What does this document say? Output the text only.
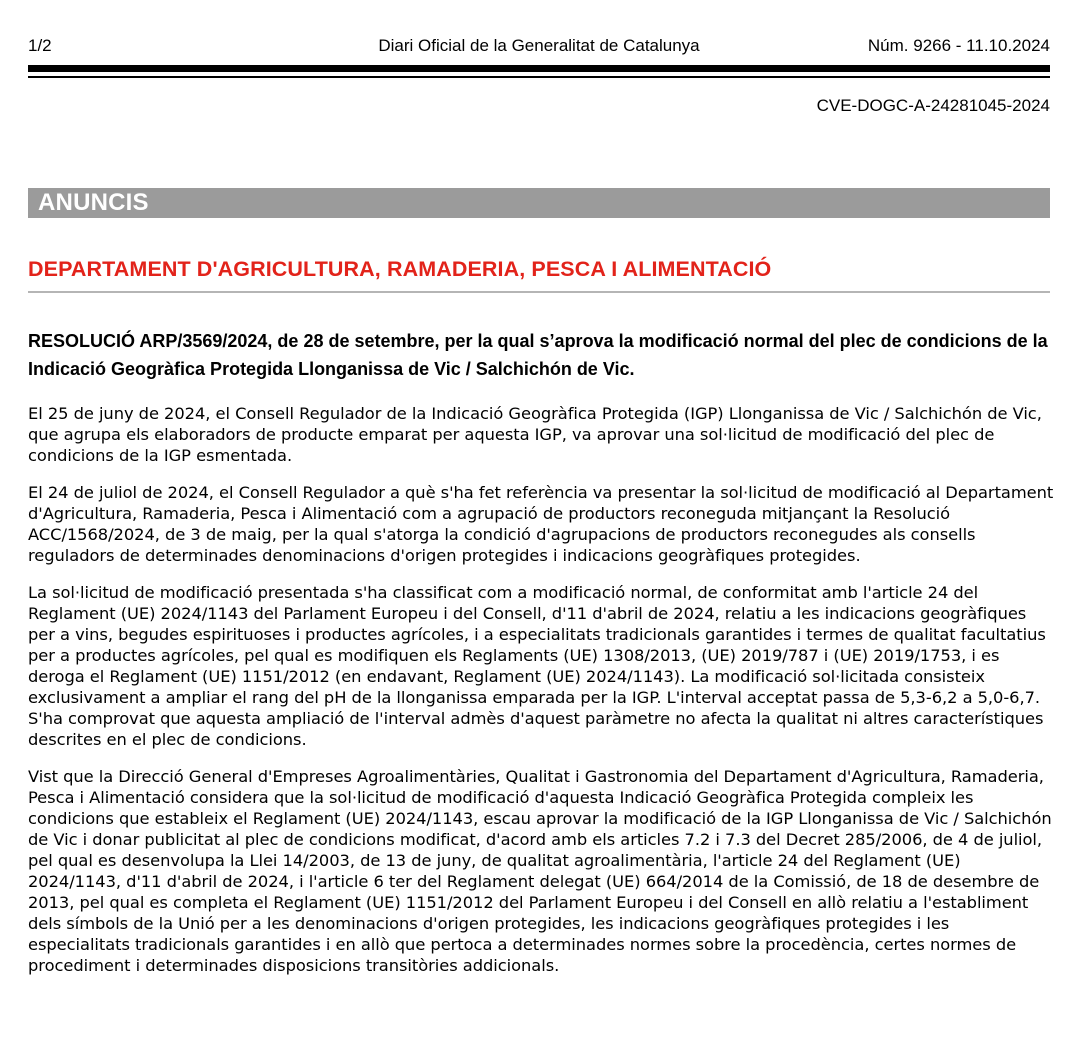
1/2	Diari Oficial de la Generalitat de Catalunya	Núm. 9266 - 11.10.2024
CVE-DOGC-A-24281045-2024
ANUNCIS
DEPARTAMENT D'AGRICULTURA, RAMADERIA, PESCA I ALIMENTACIÓ
RESOLUCIÓ ARP/3569/2024, de 28 de setembre, per la qual s’aprova la modificació normal del plec de condicions de la Indicació Geogràfica Protegida Llonganissa de Vic / Salchichón de Vic.

El 25 de juny de 2024, el Consell Regulador de la Indicació Geogràfica Protegida (IGP) Llonganissa de Vic / Salchichón de Vic, que agrupa els elaboradors de producte emparat per aquesta IGP, va aprovar una sol·licitud de modificació del plec de condicions de la IGP esmentada.

El 24 de juliol de 2024, el Consell Regulador a què s'ha fet referència va presentar la sol·licitud de modificació al Departament d'Agricultura, Ramaderia, Pesca i Alimentació com a agrupació de productors reconeguda mitjançant la Resolució ACC/1568/2024, de 3 de maig, per la qual s'atorga la condició d'agrupacions de productors reconegudes als consells reguladors de determinades denominacions d'origen protegides i indicacions geogràfiques protegides.

La sol·licitud de modificació presentada s'ha classificat com a modificació normal, de conformitat amb l'article 24 del Reglament (UE) 2024/1143 del Parlament Europeu i del Consell, d'11 d'abril de 2024, relatiu a les indicacions geogràfiques per a vins, begudes espirituoses i productes agrícoles, i a especialitats tradicionals garantides i termes de qualitat facultatius per a productes agrícoles, pel qual es modifiquen els Reglaments (UE) 1308/2013, (UE) 2019/787 i (UE) 2019/1753, i es deroga el Reglament (UE) 1151/2012 (en endavant, Reglament (UE) 2024/1143). La modificació sol·licitada consisteix exclusivament a ampliar el rang del pH de la llonganissa emparada per la IGP. L'interval acceptat passa de 5,3-6,2 a 5,0-6,7. S'ha comprovat que aquesta ampliació de l'interval admès d'aquest paràmetre no afecta la qualitat ni altres característiques descrites en el plec de condicions.

Vist que la Direcció General d'Empreses Agroalimentàries, Qualitat i Gastronomia del Departament d'Agricultura, Ramaderia, Pesca i Alimentació considera que la sol·licitud de modificació d'aquesta Indicació Geogràfica Protegida compleix les condicions que estableix el Reglament (UE) 2024/1143, escau aprovar la modificació de la IGP Llonganissa de Vic / Salchichón de Vic i donar publicitat al plec de condicions modificat, d'acord amb els articles 7.2 i 7.3 del Decret 285/2006, de 4 de juliol, pel qual es desenvolupa la Llei 14/2003, de 13 de juny, de qualitat agroalimentària, l'article 24 del Reglament (UE) 2024/1143, d'11 d'abril de 2024, i l'article 6 ter del Reglament delegat (UE) 664/2014 de la Comissió, de 18 de desembre de 2013, pel qual es completa el Reglament (UE) 1151/2012 del Parlament Europeu i del Consell en allò relatiu a l'establiment dels símbols de la Unió per a les denominacions d'origen protegides, les indicacions geogràfiques protegides i les especialitats tradicionals garantides i en allò que pertoca a determinades normes sobre la procedència, certes normes de procediment i determinades disposicions transitòries addicionals.
